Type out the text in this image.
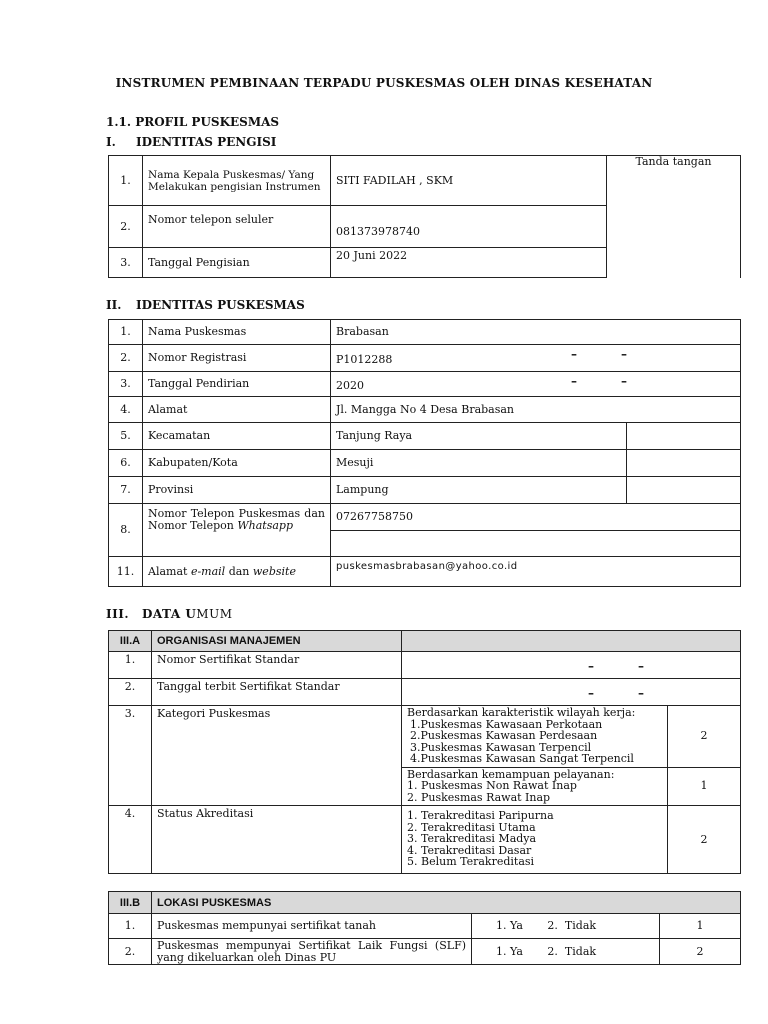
INSTRUMEN PEMBINAAN TERPADU PUSKESMAS OLEH DINAS KESEHATAN
1.1. PROFIL PUSKESMAS
I. IDENTITAS PENGISI
1.	Nama Kepala Puskesmas/ Yang Melakukan pengisian Instrumen	SITI FADILAH , SKM	Tanda tangan
2.	Nomor telepon seluler	081373978740	
3.	Tanggal Pengisian	20 Juni 2022	
II. IDENTITAS PUSKESMAS
1.	Nama Puskesmas	Brabasan	
2.	Nomor Registrasi	P1012288 – –	

3.	Tanggal Pendirian	2020 – –	

4.	Alamat	Jl. Mangga No 4 Desa Brabasan	
5.	Kecamatan	Tanjung Raya	
6.	Kabupaten/Kota	Mesuji	
7.	Provinsi	Lampung	
8.	Nomor Telepon Puskesmas dan Nomor Telepon Whatsapp	07267758750	

11.	Alamat e-mail dan website	puskesmasbrabasan@yahoo.co.id	
III. DATA UMUM
III.A	ORGANISASI MANAJEMEN		
1.	Nomor Sertifikat Standar	– –	

2.	Tanggal terbit Sertifikat Standar	– –	

3.	Kategori Puskesmas	Berdasarkan karakteristik wilayah kerja:
1.Puskesmas Kawasaan Perkotaan
2.Puskesmas Kawasan Perdesaan
3.Puskesmas Kawasan Terpencil
4.Puskesmas Kawasan Sangat Terpencil	2

		Berdasarkan kemampuan pelayanan:
1. Puskesmas Non Rawat Inap
2. Puskesmas Rawat Inap	1
4.	Status Akreditasi	1. Terakreditasi Paripurna
2. Terakreditasi Utama
3. Terakreditasi Madya
4. Terakreditasi Dasar
5. Belum Terakreditasi	2
III.B	LOKASI PUSKESMAS		
1.	Puskesmas mempunyai sertifikat tanah	1. Ya       2.  Tidak	1
2.	Puskesmas mempunyai Sertifikat Laik Fungsi (SLF) yang dikeluarkan oleh Dinas PU	1. Ya       2.  Tidak	2
